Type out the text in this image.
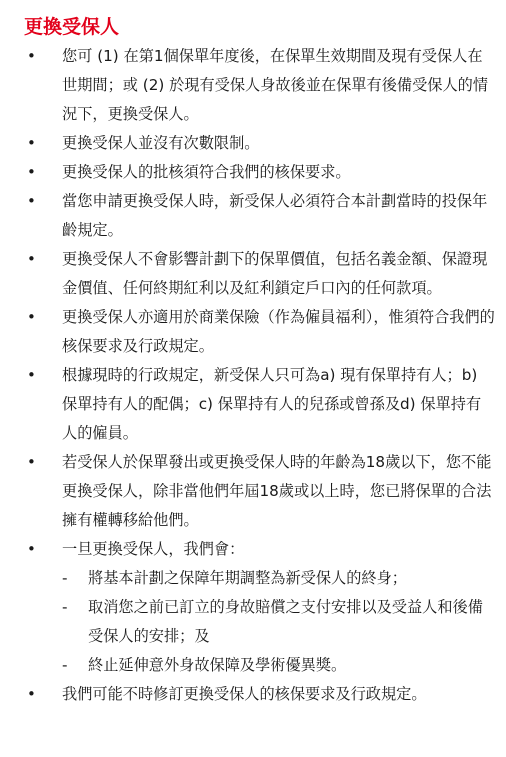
更換受保人
• 您可 (1) 在第1個保單年度後，在保單生效期間及現有受保人在世期間；或 (2) 於現有受保人身故後並在保單有後備受保人的情況下，更換受保人。
• 更換受保人並沒有次數限制。
• 更換受保人的批核須符合我們的核保要求。
• 當您申請更換受保人時，新受保人必須符合本計劃當時的投保年齡規定。
• 更換受保人不會影響計劃下的保單價值，包括名義金額、保證現金價值、任何終期紅利以及紅利鎖定戶口內的任何款項。
• 更換受保人亦適用於商業保險（作為僱員福利），惟須符合我們的核保要求及行政規定。
• 根據現時的行政規定，新受保人只可為a) 現有保單持有人；b) 保單持有人的配偶；c) 保單持有人的兒孫或曾孫及d) 保單持有人的僱員。
• 若受保人於保單發出或更換受保人時的年齡為18歲以下，您不能更換受保人，除非當他們年屆18歲或以上時，您已將保單的合法擁有權轉移給他們。
• 一旦更換受保人，我們會：
- 將基本計劃之保障年期調整為新受保人的終身；
- 取消您之前已訂立的身故賠償之支付安排以及受益人和後備受保人的安排；及
- 終止延伸意外身故保障及學術優異獎。
• 我們可能不時修訂更換受保人的核保要求及行政規定。
